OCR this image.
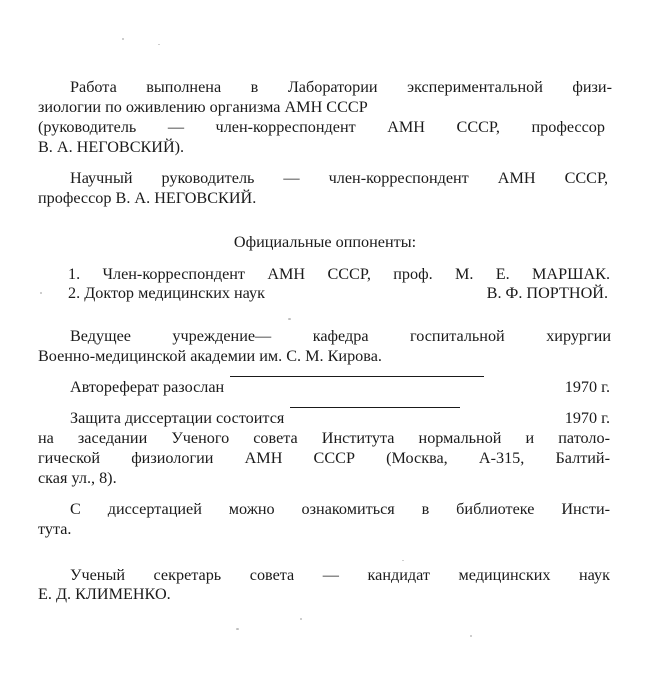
Работа выполнена в Лаборатории экспериментальной физи-
зиологии по оживлению организма АМН СССР
(руководитель — член-корреспондент АМН СССР, профессор
В. А. НЕГОВСКИЙ).
Научный руководитель — член-корреспондент АМН СССР,
профессор В. А. НЕГОВСКИЙ.
Официальные оппоненты:
1. Член-корреспондент АМН СССР, проф. М. Е. МАРШАК.
2. Доктор медицинских наук	В. Ф. ПОРТНОЙ.
Ведущее учреждение— кафедра госпитальной хирургии
Военно-медицинской академии им. С. М. Кирова.
Автореферат разослан	1970 г.
Защита диссертации состоится	1970 г.
на заседании Ученого совета Института нормальной и патоло-
гической физиологии АМН СССР (Москва, А-315, Балтий-
ская ул., 8).
С диссертацией можно ознакомиться в библиотеке Инсти-
тута.
Ученый секретарь совета — кандидат медицинских наук
Е. Д. КЛИМЕНКО.
